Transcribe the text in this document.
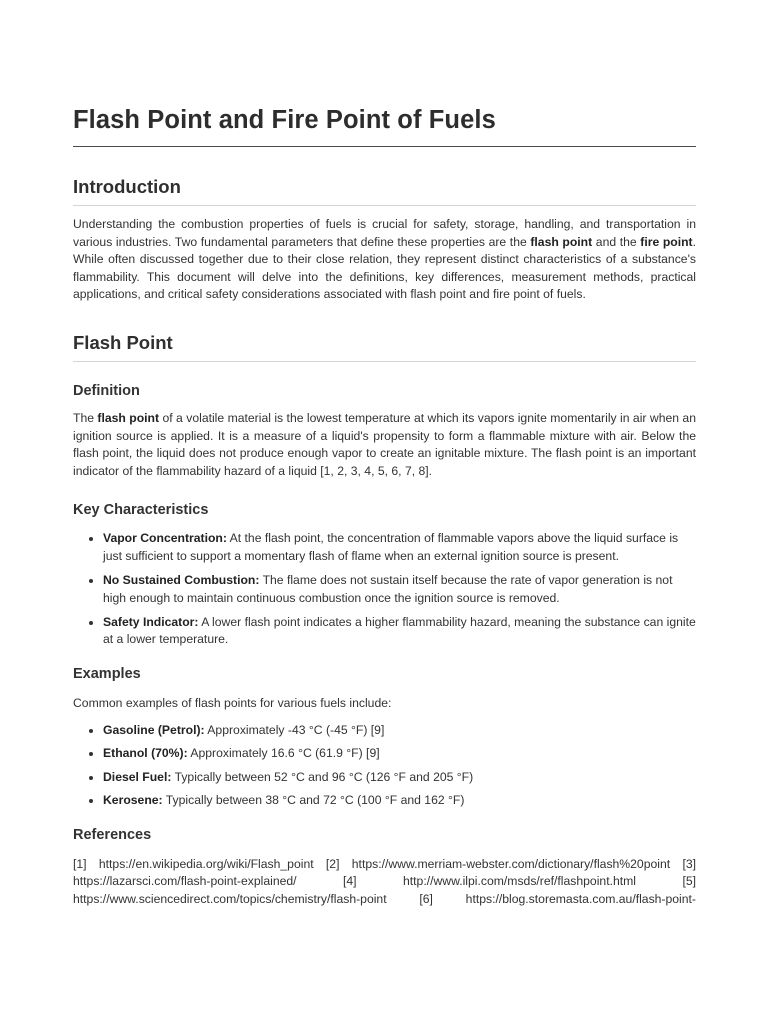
Flash Point and Fire Point of Fuels
Introduction

Understanding the combustion properties of fuels is crucial for safety, storage, handling, and transportation in various industries. Two fundamental parameters that define these properties are the flash point and the fire point. While often discussed together due to their close relation, they represent distinct characteristics of a substance's flammability. This document will delve into the definitions, key differences, measurement methods, practical applications, and critical safety considerations associated with flash point and fire point of fuels.

Flash Point
Definition

The flash point of a volatile material is the lowest temperature at which its vapors ignite momentarily in air when an ignition source is applied. It is a measure of a liquid's propensity to form a flammable mixture with air. Below the flash point, the liquid does not produce enough vapor to create an ignitable mixture. The flash point is an important indicator of the flammability hazard of a liquid [1, 2, 3, 4, 5, 6, 7, 8].

Key Characteristics
• Vapor Concentration: At the flash point, the concentration of flammable vapors above the liquid surface is just sufficient to support a momentary flash of flame when an external ignition source is present.
• No Sustained Combustion: The flame does not sustain itself because the rate of vapor generation is not high enough to maintain continuous combustion once the ignition source is removed.
• Safety Indicator: A lower flash point indicates a higher flammability hazard, meaning the substance can ignite at a lower temperature.
Examples

Common examples of flash points for various fuels include:

• Gasoline (Petrol): Approximately -43 °C (-45 °F) [9]
• Ethanol (70%): Approximately 16.6 °C (61.9 °F) [9]
• Diesel Fuel: Typically between 52 °C and 96 °C (126 °F and 205 °F)
• Kerosene: Typically between 38 °C and 72 °C (100 °F and 162 °F)
References

[1] https://en.wikipedia.org/wiki/Flash_point [2] https://www.merriam-webster.com/dictionary/flash%20point [3] https://lazarsci.com/flash-point-explained/ [4] http://www.ilpi.com/msds/ref/flashpoint.html [5] https://www.sciencedirect.com/topics/chemistry/flash-point [6] https://blog.storemasta.com.au/flash-point-
